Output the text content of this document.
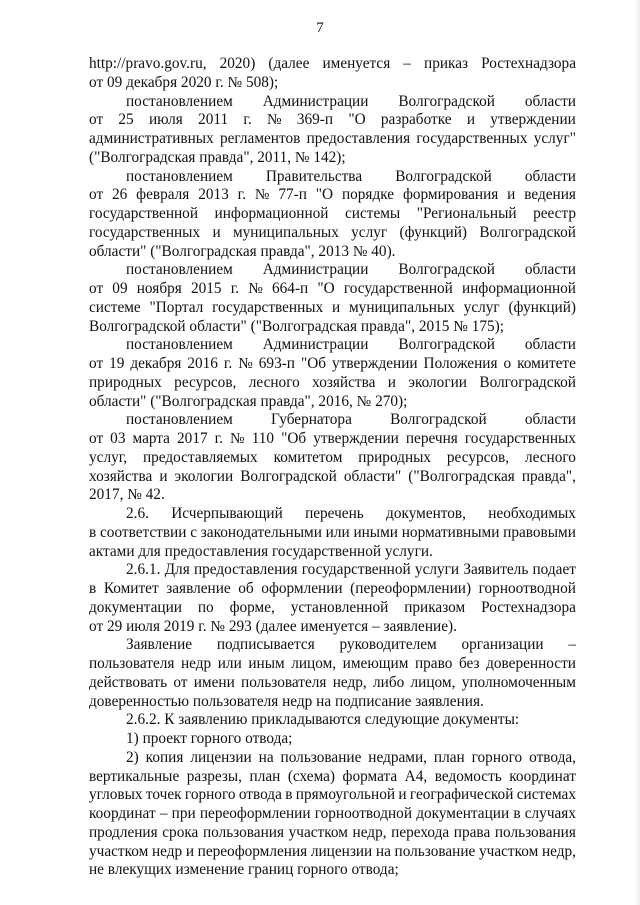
7
http://pravo.gov.ru, 2020) (далее именуется – приказ Ростехнадзора
от 09 декабря 2020 г. № 508);
постановлением Администрации Волгоградской области
от 25 июля 2011 г. № 369-п "О разработке и утверждении
административных регламентов предоставления государственных услуг"
("Волгоградская правда", 2011, № 142);
постановлением Правительства Волгоградской области
от 26 февраля 2013 г. № 77-п "О порядке формирования и ведения
государственной информационной системы "Региональный реестр
государственных и муниципальных услуг (функций) Волгоградской
области" ("Волгоградская правда", 2013 № 40).
постановлением Администрации Волгоградской области
от 09 ноября 2015 г. № 664-п "О государственной информационной
системе "Портал государственных и муниципальных услуг (функций)
Волгоградской области" ("Волгоградская правда", 2015 № 175);
постановлением Администрации Волгоградской области
от 19 декабря 2016 г. № 693-п "Об утверждении Положения о комитете
природных ресурсов, лесного хозяйства и экологии Волгоградской
области" ("Волгоградская правда", 2016, № 270);
постановлением Губернатора Волгоградской области
от 03 марта 2017 г. № 110 "Об утверждении перечня государственных
услуг, предоставляемых комитетом природных ресурсов, лесного
хозяйства и экологии Волгоградской области" ("Волгоградская правда",
2017, № 42.
2.6. Исчерпывающий перечень документов, необходимых
в соответствии с законодательными или иными нормативными правовыми
актами для предоставления государственной услуги.
2.6.1. Для предоставления государственной услуги Заявитель подает
в Комитет заявление об оформлении (переоформлении) горноотводной
документации по форме, установленной приказом Ростехнадзора
от 29 июля 2019 г. № 293 (далее именуется – заявление).
Заявление подписывается руководителем организации –
пользователя недр или иным лицом, имеющим право без доверенности
действовать от имени пользователя недр, либо лицом, уполномоченным
доверенностью пользователя недр на подписание заявления.
2.6.2. К заявлению прикладываются следующие документы:
1) проект горного отвода;
2) копия лицензии на пользование недрами, план горного отвода,
вертикальные разрезы, план (схема) формата А4, ведомость координат
угловых точек горного отвода в прямоугольной и географической системах
координат – при переоформлении горноотводной документации в случаях
продления срока пользования участком недр, перехода права пользования
участком недр и переоформления лицензии на пользование участком недр,
не влекущих изменение границ горного отвода;
